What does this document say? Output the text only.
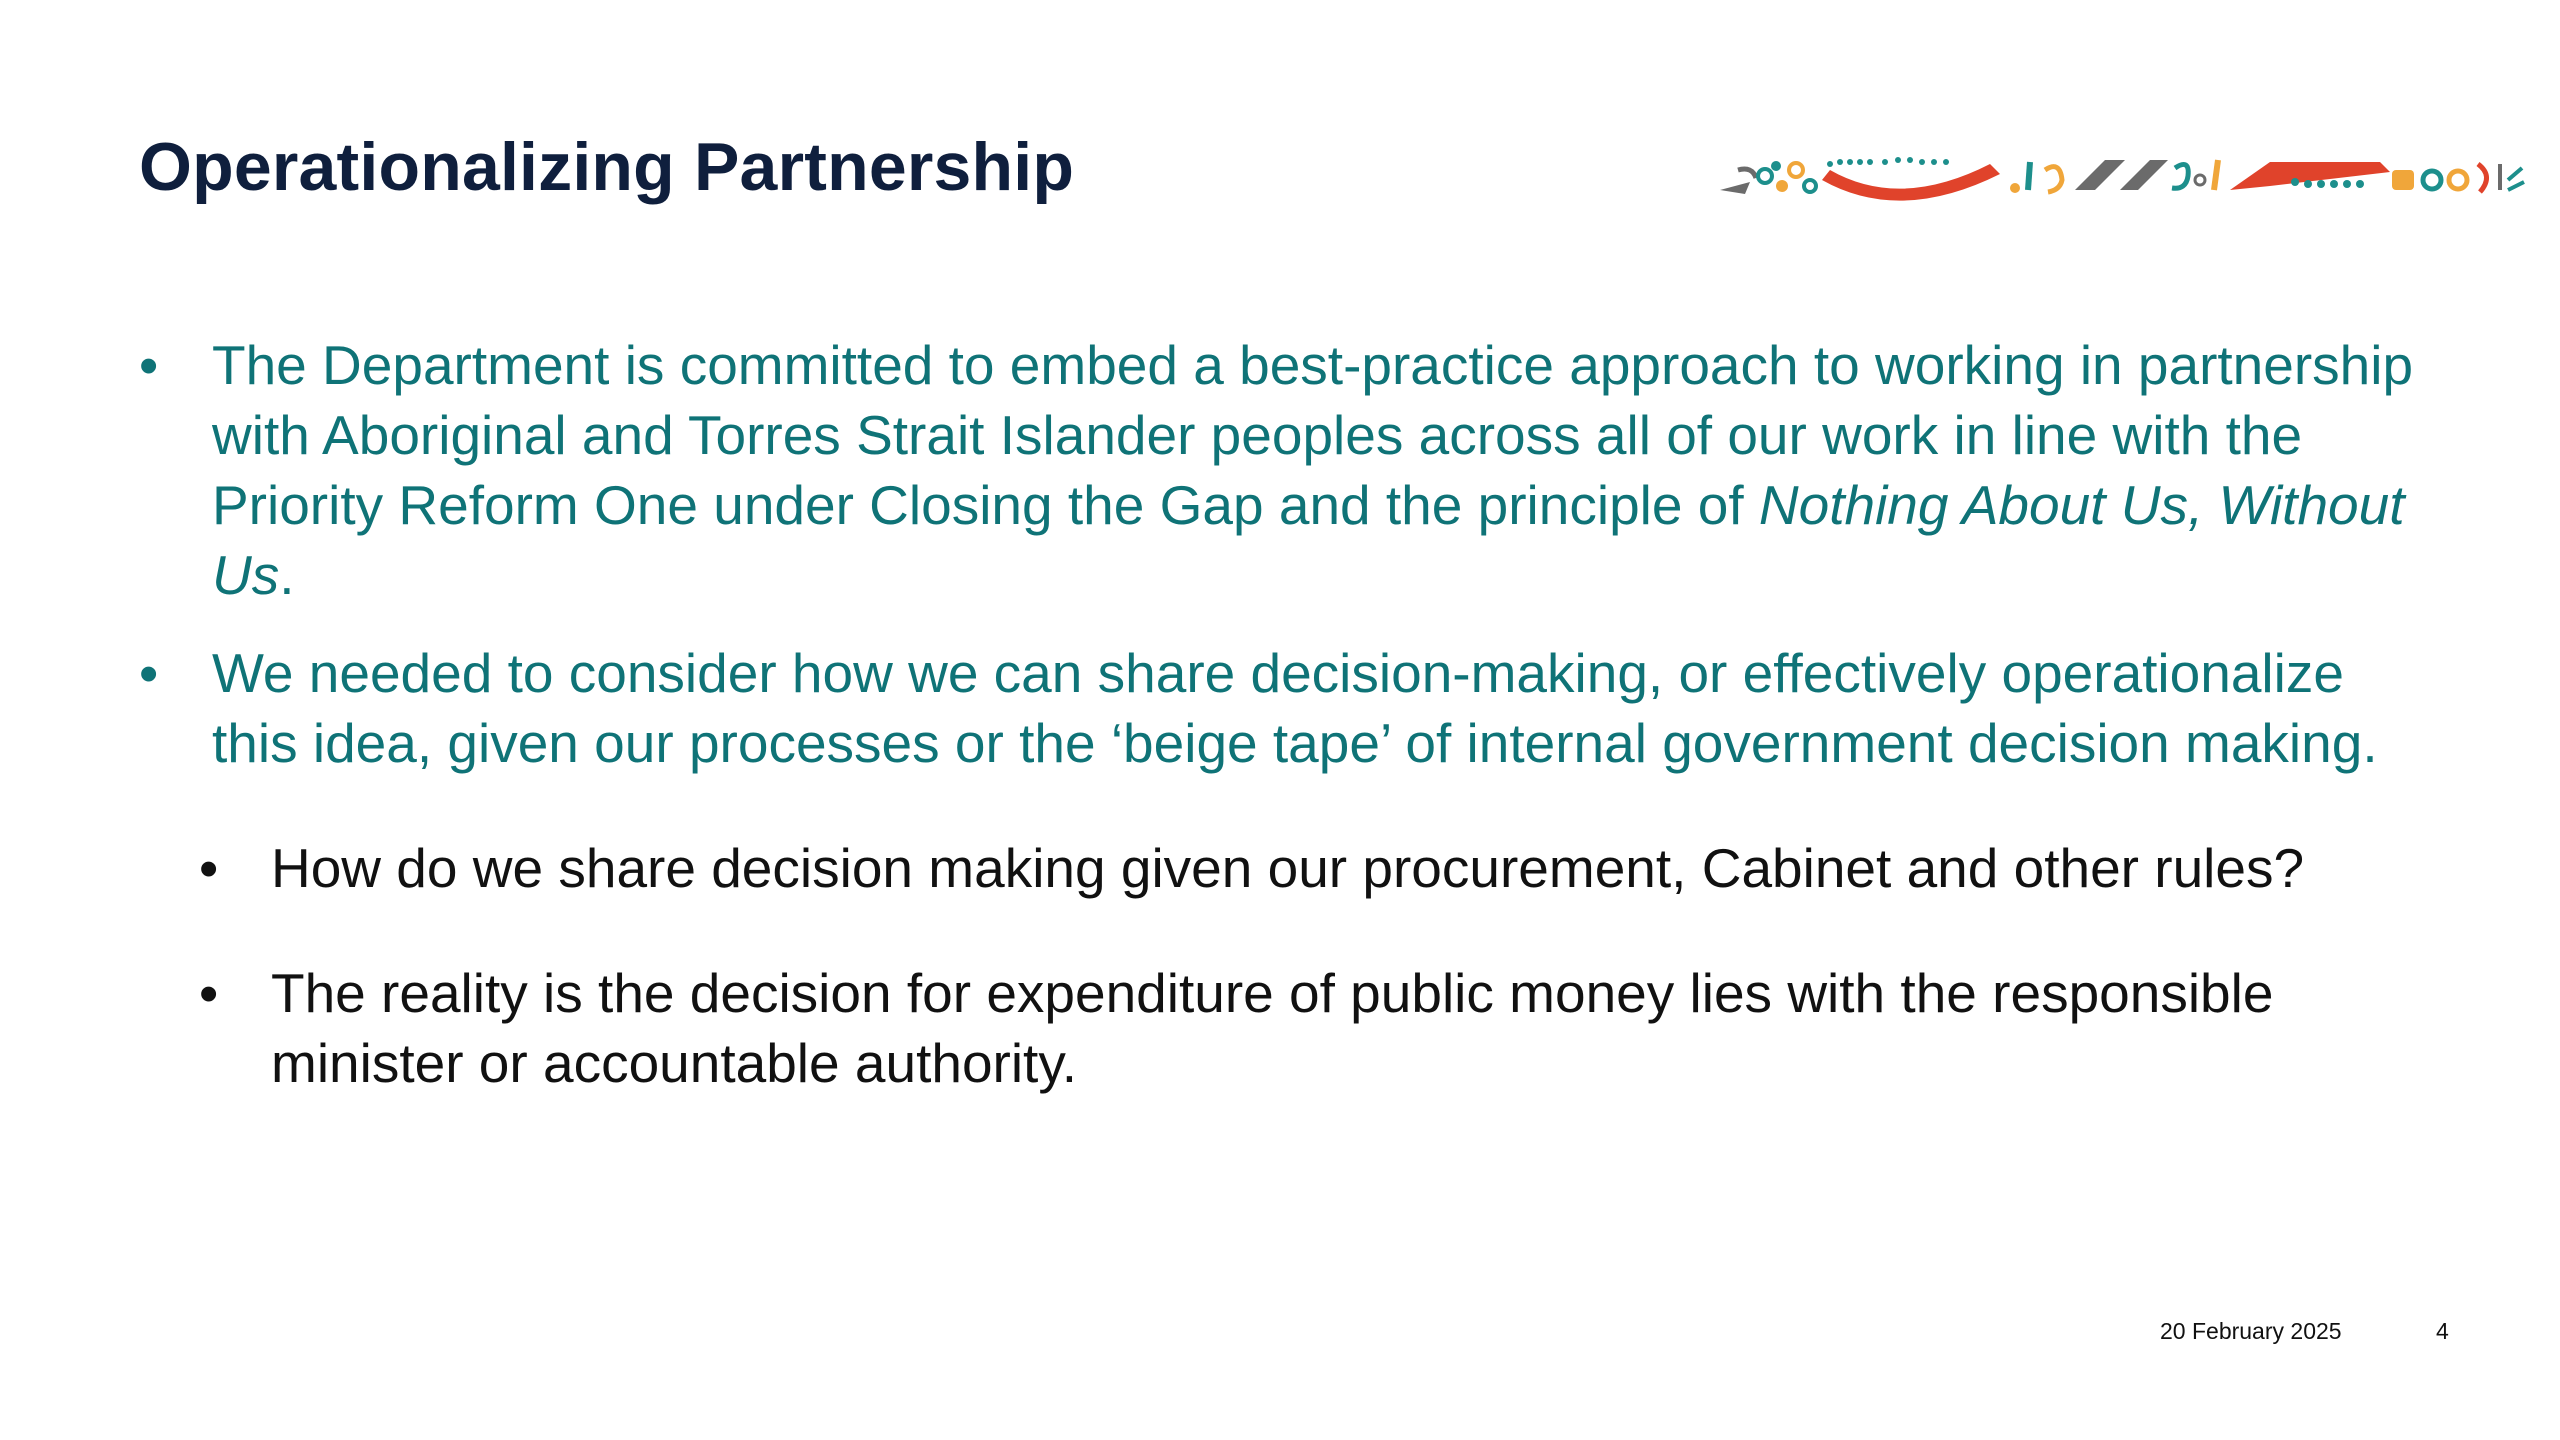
Operationalizing Partnership

• The Department is committed to embed a best-practice approach to working in partnership with Aboriginal and Torres Strait Islander peoples across all of our work in line with the Priority Reform One under Closing the Gap and the principle of Nothing About Us, Without Us.

• We needed to consider how we can share decision-making, or effectively operationalize this idea, given our processes or the ‘beige tape’ of internal government decision making.

• How do we share decision making given our procurement, Cabinet and other rules?

• The reality is the decision for expenditure of public money lies with the responsible minister or accountable authority.

20 February 2025	4
